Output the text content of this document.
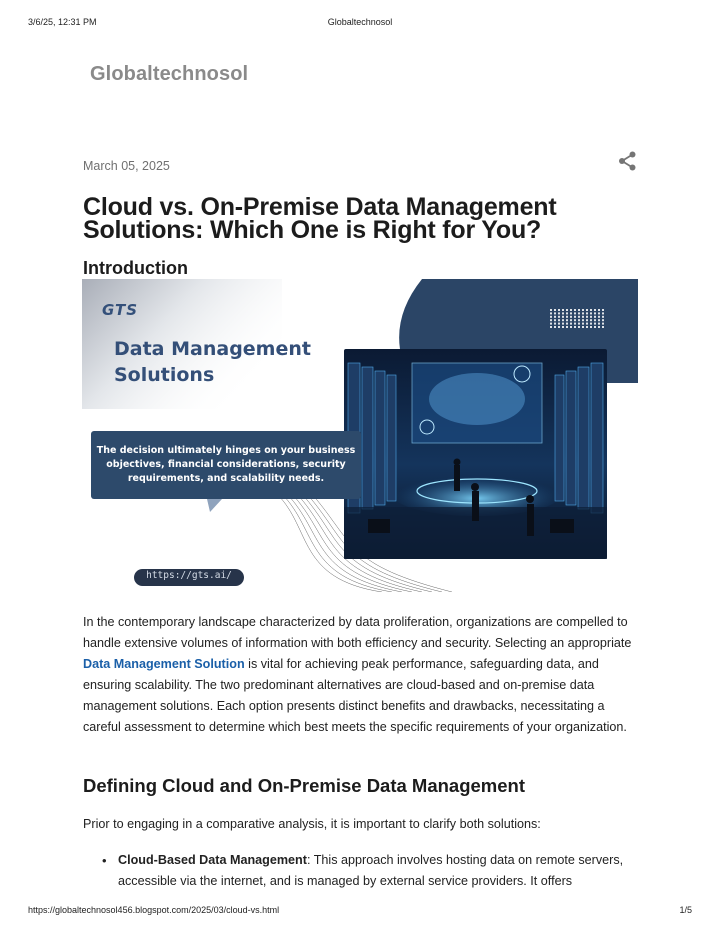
3/6/25, 12:31 PM	Globaltechnosol
Globaltechnosol
March 05, 2025
Cloud vs. On-Premise Data Management Solutions: Which One is Right for You?
Introduction
GTS
Data Management
Solutions
The decision ultimately hinges on your business
objectives, financial considerations, security
requirements, and scalability needs.
https://gts.ai/

In the contemporary landscape characterized by data proliferation, organizations are compelled to handle extensive volumes of information with both efficiency and security. Selecting an appropriate Data Management Solution is vital for achieving peak performance, safeguarding data, and ensuring scalability. The two predominant alternatives are cloud-based and on-premise data management solutions. Each option presents distinct benefits and drawbacks, necessitating a careful assessment to determine which best meets the specific requirements of your organization.

Defining Cloud and On-Premise Data Management

Prior to engaging in a comparative analysis, it is important to clarify both solutions:

• Cloud-Based Data Management: This approach involves hosting data on remote servers, accessible via the internet, and is managed by external service providers. It offers
https://globaltechnosol456.blogspot.com/2025/03/cloud-vs.html	1/5
